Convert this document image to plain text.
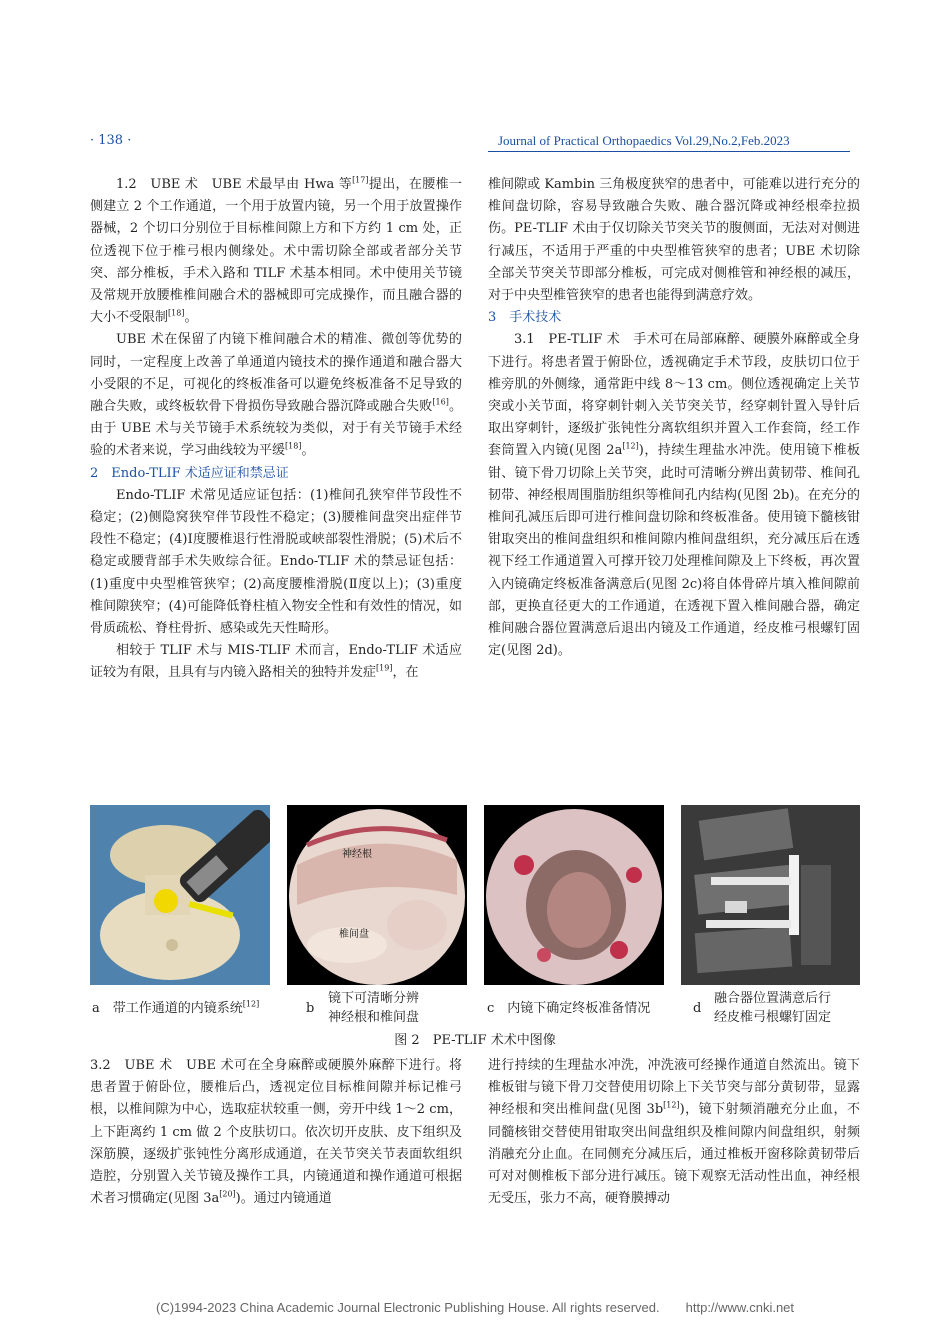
· 138 ·	Journal of Practical Orthopaedics Vol.29,No.2,Feb.2023

1.2　UBE 术　UBE 术最早由 Hwa 等[17]提出，在腰椎一侧建立 2 个工作通道，一个用于放置内镜，另一个用于放置操作器械，2 个切口分别位于目标椎间隙上方和下方约 1 cm 处，正位透视下位于椎弓根内侧缘处。术中需切除全部或者部分关节突、部分椎板，手术入路和 TILF 术基本相同。术中使用关节镜及常规开放腰椎椎间融合术的器械即可完成操作，而且融合器的大小不受限制[18]。

UBE 术在保留了内镜下椎间融合术的精准、微创等优势的同时，一定程度上改善了单通道内镜技术的操作通道和融合器大小受限的不足，可视化的终板准备可以避免终板准备不足导致的融合失败，或终板软骨下骨损伤导致融合器沉降或融合失败[16]。由于 UBE 术与关节镜手术系统较为类似，对于有关节镜手术经验的术者来说，学习曲线较为平缓[18]。

2　Endo-TLIF 术适应证和禁忌证

Endo-TLIF 术常见适应证包括：(1)椎间孔狭窄伴节段性不稳定；(2)侧隐窝狭窄伴节段性不稳定；(3)腰椎间盘突出症伴节段性不稳定；(4)Ⅰ度腰椎退行性滑脱或峡部裂性滑脱；(5)术后不稳定或腰背部手术失败综合征。Endo-TLIF 术的禁忌证包括：(1)重度中央型椎管狭窄；(2)高度腰椎滑脱(Ⅱ度以上)；(3)重度椎间隙狭窄；(4)可能降低脊柱植入物安全性和有效性的情况，如骨质疏松、脊柱骨折、感染或先天性畸形。

相较于 TLIF 术与 MIS-TLIF 术而言，Endo-TLIF 术适应证较为有限，且具有与内镜入路相关的独特并发症[19]，在

椎间隙或 Kambin 三角极度狭窄的患者中，可能难以进行充分的椎间盘切除，容易导致融合失败、融合器沉降或神经根牵拉损伤。PE-TLIF 术由于仅切除关节突关节的腹侧面，无法对对侧进行减压，不适用于严重的中央型椎管狭窄的患者；UBE 术切除全部关节突关节即部分椎板，可完成对侧椎管和神经根的减压，对于中央型椎管狭窄的患者也能得到满意疗效。

3　手术技术

3.1　PE-TLIF 术　手术可在局部麻醉、硬膜外麻醉或全身下进行。将患者置于俯卧位，透视确定手术节段，皮肤切口位于椎旁肌的外侧缘，通常距中线 8～13 cm。侧位透视确定上关节突或小关节面，将穿刺针刺入关节突关节，经穿刺针置入导针后取出穿刺针，逐级扩张钝性分离软组织并置入工作套筒，经工作套筒置入内镜(见图 2a[12])，持续生理盐水冲洗。使用镜下椎板钳、镜下骨刀切除上关节突，此时可清晰分辨出黄韧带、椎间孔韧带、神经根周围脂肪组织等椎间孔内结构(见图 2b)。在充分的椎间孔减压后即可进行椎间盘切除和终板准备。使用镜下髓核钳钳取突出的椎间盘组织和椎间隙内椎间盘组织，充分减压后在透视下经工作通道置入可撑开铰刀处理椎间隙及上下终板，再次置入内镜确定终板准备满意后(见图 2c)将自体骨碎片填入椎间隙前部，更换直径更大的工作通道，在透视下置入椎间融合器，确定椎间融合器位置满意后退出内镜及工作通道，经皮椎弓根螺钉固定(见图 2d)。

神经根
椎间盘
a　 带工作通道的内镜系统[12]	b
镜下可清晰分辨
神经根和椎间盘
c　 内镜下确定终板准备情况	d
融合器位置满意后行
经皮椎弓根螺钉固定
图 2　PE-TLIF 术术中图像

3.2　UBE 术　UBE 术可在全身麻醉或硬膜外麻醉下进行。将患者置于俯卧位，腰椎后凸，透视定位目标椎间隙并标记椎弓根，以椎间隙为中心，选取症状较重一侧，旁开中线 1～2 cm，上下距离约 1 cm 做 2 个皮肤切口。依次切开皮肤、皮下组织及深筋膜，逐级扩张钝性分离形成通道，在关节突关节表面软组织造腔，分别置入关节镜及操作工具，内镜通道和操作通道可根据术者习惯确定(见图 3a[20])。通过内镜通道

进行持续的生理盐水冲洗，冲洗液可经操作通道自然流出。镜下椎板钳与镜下骨刀交替使用切除上下关节突与部分黄韧带，显露神经根和突出椎间盘(见图 3b[12])，镜下射频消融充分止血，不同髓核钳交替使用钳取突出间盘组织及椎间隙内间盘组织，射频消融充分止血。在同侧充分减压后，通过椎板开窗移除黄韧带后可对对侧椎板下部分进行减压。镜下观察无活动性出血，神经根无受压，张力不高，硬脊膜搏动

(C)1994-2023 China Academic Journal Electronic Publishing House. All rights reserved.　　http://www.cnki.net
